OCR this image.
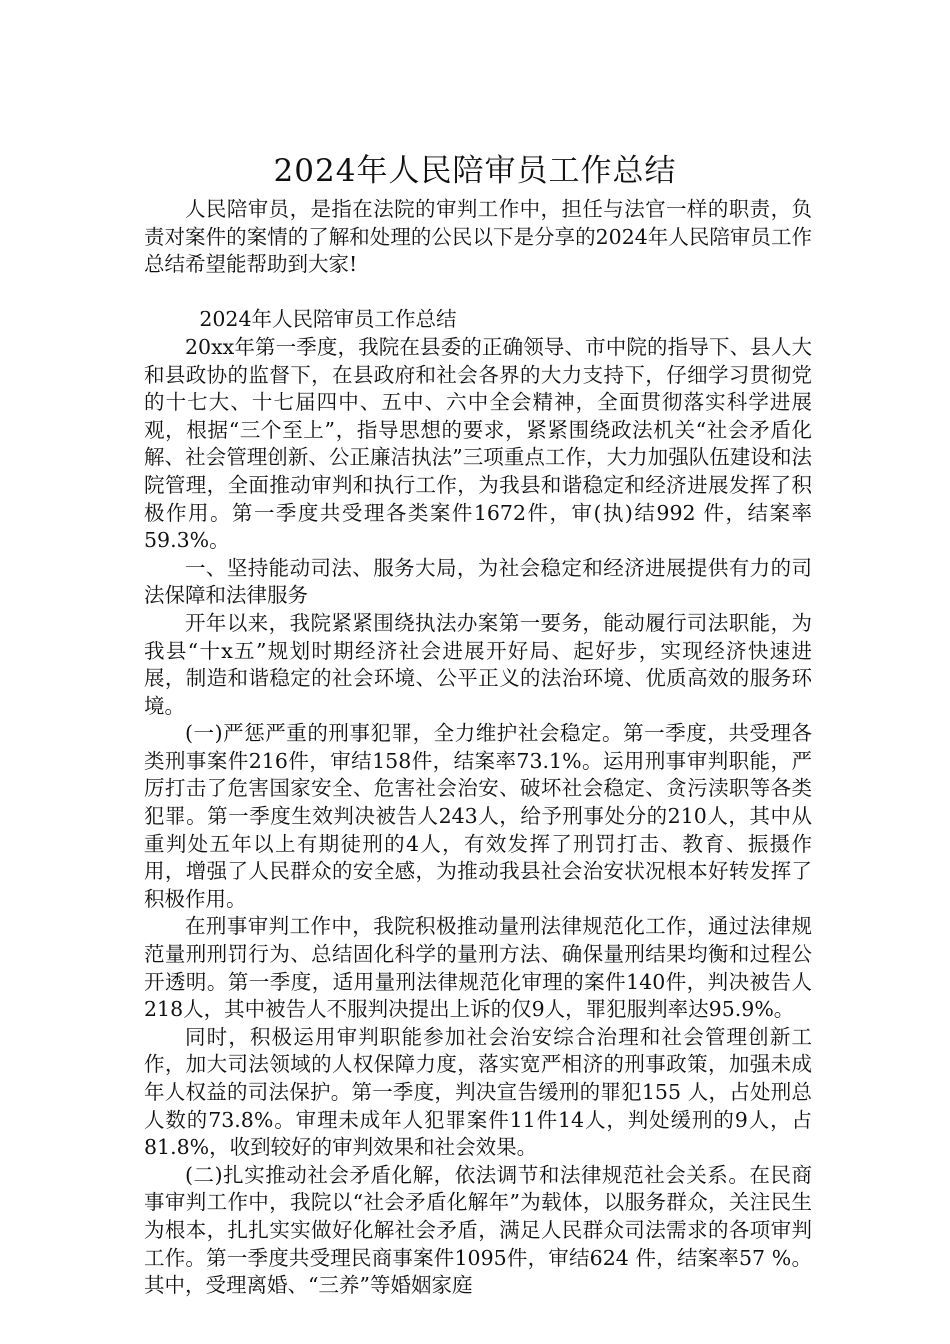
2024年人民陪审员工作总结

人民陪审员，是指在法院的审判工作中，担任与法官一样的职责，负责对案件的案情的了解和处理的公民以下是分享的2024年人民陪审员工作总结希望能帮助到大家!

2024年人民陪审员工作总结

20xx年第一季度，我院在县委的正确领导、市中院的指导下、县人大和县政协的监督下，在县政府和社会各界的大力支持下，仔细学习贯彻党的十七大、十七届四中、五中、六中全会精神，全面贯彻落实科学进展观，根据“三个至上”，指导思想的要求，紧紧围绕政法机关“社会矛盾化解、社会管理创新、公正廉洁执法”三项重点工作，大力加强队伍建设和法院管理，全面推动审判和执行工作，为我县和谐稳定和经济进展发挥了积极作用。第一季度共受理各类案件1672件，审(执)结992 件，结案率59.3%。

一、坚持能动司法、服务大局，为社会稳定和经济进展提供有力的司法保障和法律服务

开年以来，我院紧紧围绕执法办案第一要务，能动履行司法职能，为我县“十x五”规划时期经济社会进展开好局、起好步，实现经济快速进展，制造和谐稳定的社会环境、公平正义的法治环境、优质高效的服务环境。

(一)严惩严重的刑事犯罪，全力维护社会稳定。第一季度，共受理各类刑事案件216件，审结158件，结案率73.1%。运用刑事审判职能，严厉打击了危害国家安全、危害社会治安、破坏社会稳定、贪污渎职等各类犯罪。第一季度生效判决被告人243人，给予刑事处分的210人，其中从重判处五年以上有期徒刑的4人，有效发挥了刑罚打击、教育、振摄作用，增强了人民群众的安全感，为推动我县社会治安状况根本好转发挥了积极作用。

在刑事审判工作中，我院积极推动量刑法律规范化工作，通过法律规范量刑刑罚行为、总结固化科学的量刑方法、确保量刑结果均衡和过程公开透明。第一季度，适用量刑法律规范化审理的案件140件，判决被告人218人，其中被告人不服判决提出上诉的仅9人，罪犯服判率达95.9%。

同时，积极运用审判职能参加社会治安综合治理和社会管理创新工作，加大司法领域的人权保障力度，落实宽严相济的刑事政策，加强未成年人权益的司法保护。第一季度，判决宣告缓刑的罪犯155 人，占处刑总人数的73.8%。审理未成年人犯罪案件11件14人，判处缓刑的9人，占81.8%，收到较好的审判效果和社会效果。

(二)扎实推动社会矛盾化解，依法调节和法律规范社会关系。在民商事审判工作中，我院以“社会矛盾化解年”为载体，以服务群众，关注民生为根本，扎扎实实做好化解社会矛盾，满足人民群众司法需求的各项审判工作。第一季度共受理民商事案件1095件，审结624 件，结案率57 %。其中，受理离婚、“三养”等婚姻家庭
